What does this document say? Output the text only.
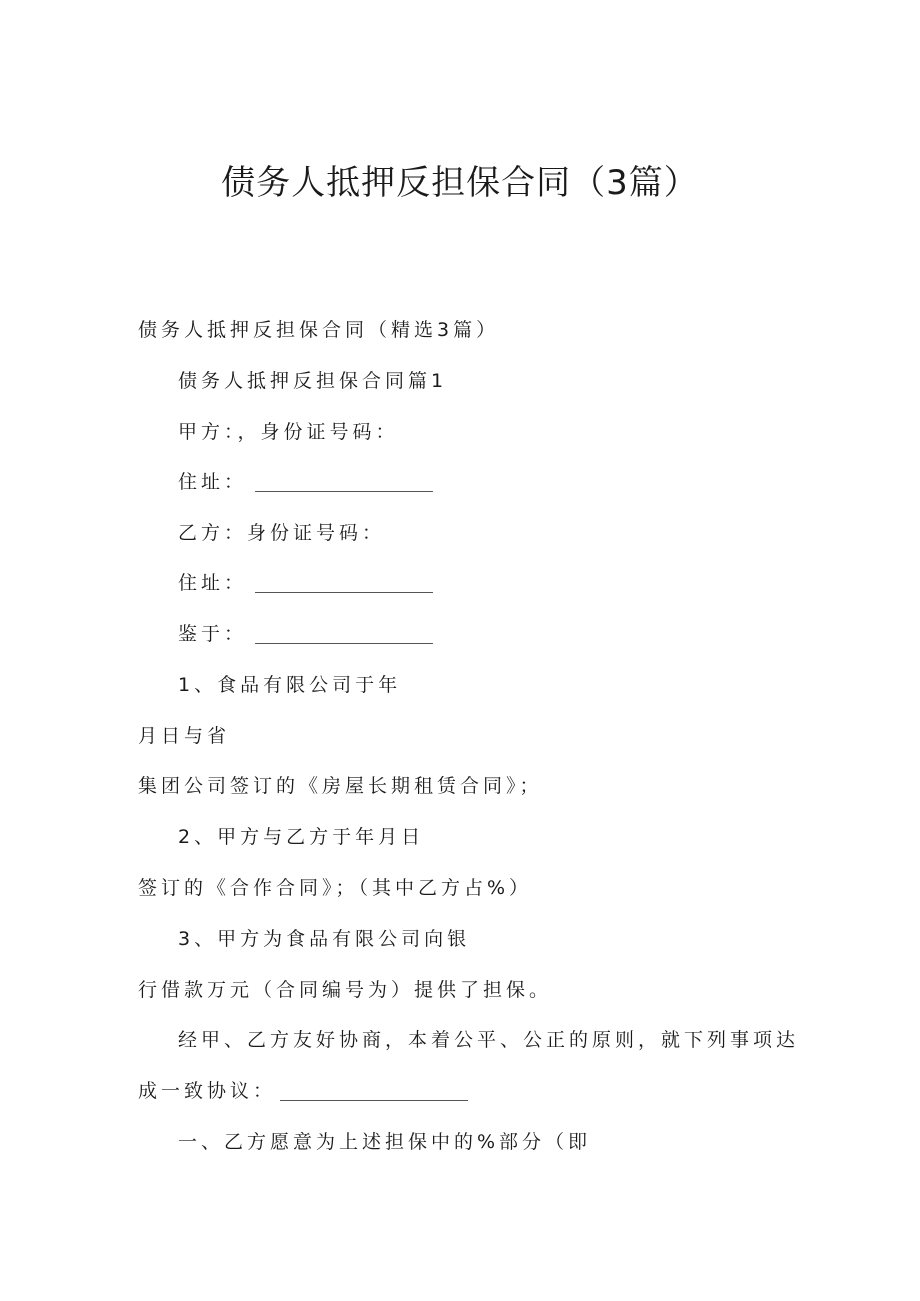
债务人抵押反担保合同（3篇）
债务人抵押反担保合同（精选3篇）
债务人抵押反担保合同篇1
甲方：，身份证号码：
住址：
乙方：身份证号码：
住址：
鉴于：
1、食品有限公司于年
月日与省
集团公司签订的《房屋长期租赁合同》；
2、甲方与乙方于年月日
签订的《合作合同》；（其中乙方占%）
3、甲方为食品有限公司向银
行借款万元（合同编号为）提供了担保。
经甲、乙方友好协商，本着公平、公正的原则，就下列事项达
成一致协议：
一、乙方愿意为上述担保中的%部分（即
